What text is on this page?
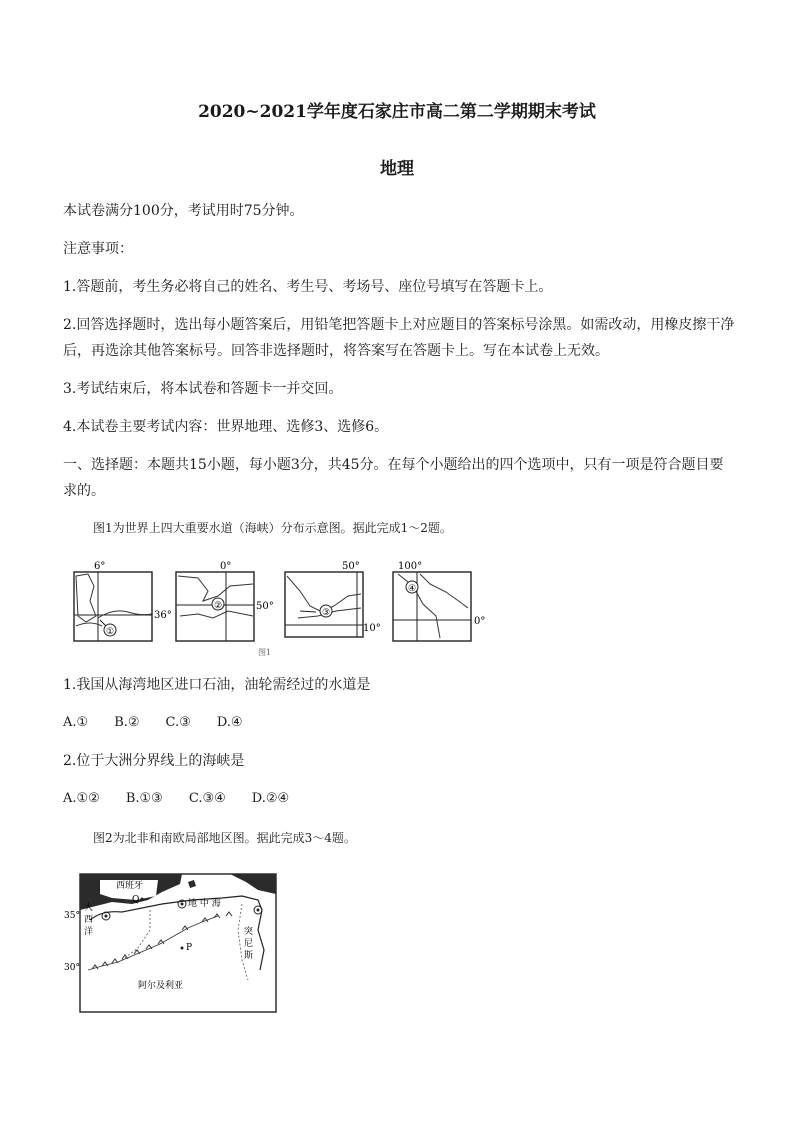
2020~2021学年度石家庄市高二第二学期期末考试
地理
本试卷满分100分，考试用时75分钟。
注意事项：
1.答题前，考生务必将自己的姓名、考生号、考场号、座位号填写在答题卡上。
2.回答选择题时，选出每小题答案后，用铅笔把答题卡上对应题目的答案标号涂黑。如需改动，用橡皮擦干净
后，再选涂其他答案标号。回答非选择题时，将答案写在答题卡上。写在本试卷上无效。
3.考试结束后，将本试卷和答题卡一并交回。
4.本试卷主要考试内容：世界地理、选修3、选修6。
一、选择题：本题共15小题，每小题3分，共45分。在每个小题给出的四个选项中，只有一项是符合题目要
求的。
图1为世界上四大重要水道（海峡）分布示意图。据此完成1～2题。
①
6°
36°
②
0°
50°
③
50°
10°
④
100°
0°
图1
1.我国从海湾地区进口石油，油轮需经过的水道是
A.① B.② C.③ D.④
2.位于大洲分界线上的海峡是
A.①② B.①③ C.③④ D.②④
图2为北非和南欧局部地区图。据此完成3～4题。
西班牙
Q	地 中 海
大
西
洋	突
尼
斯
P
阿尔及利亚
35°
30°
